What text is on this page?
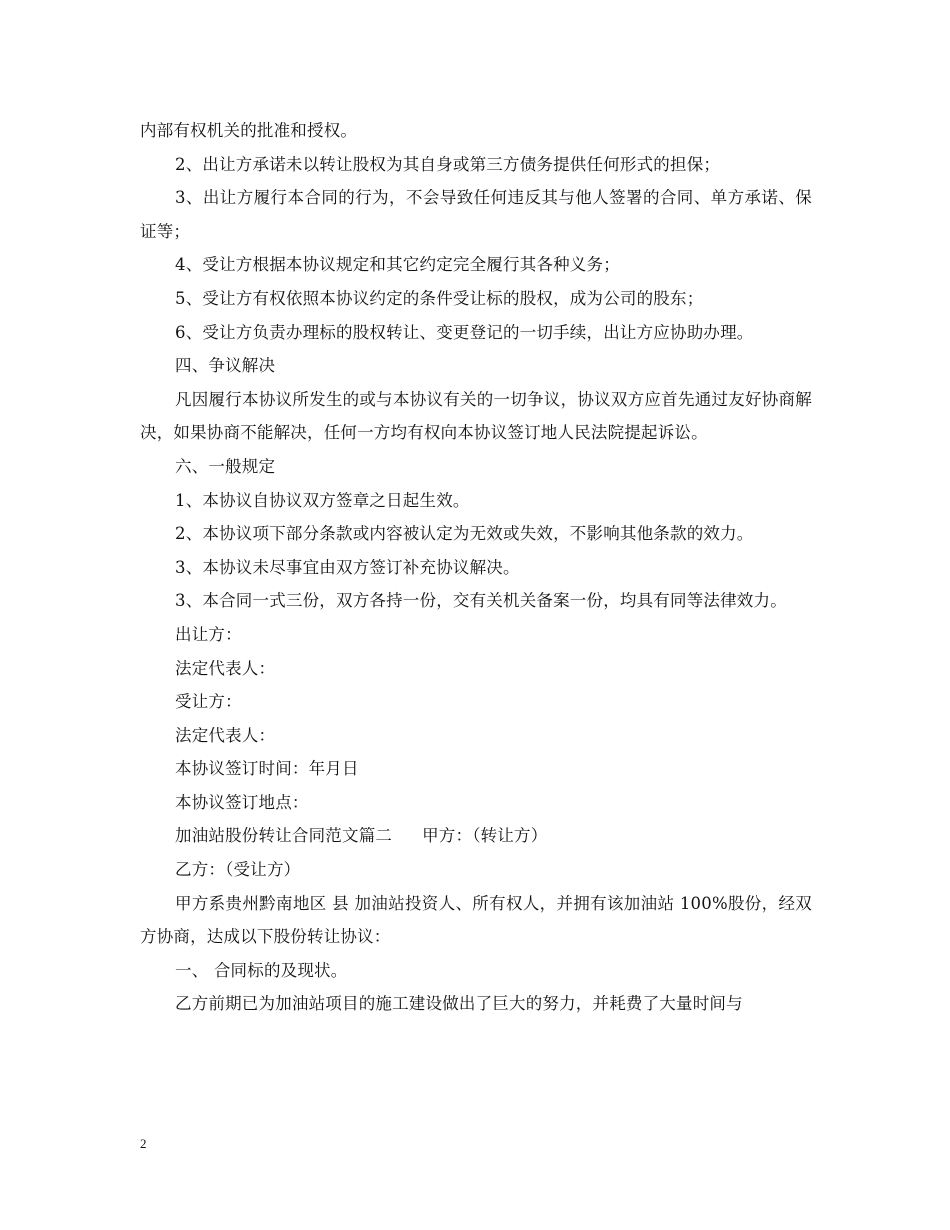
内部有权机关的批准和授权。

2、出让方承诺未以转让股权为其自身或第三方债务提供任何形式的担保；

3、出让方履行本合同的行为，不会导致任何违反其与他人签署的合同、单方承诺、保证等；

4、受让方根据本协议规定和其它约定完全履行其各种义务；

5、受让方有权依照本协议约定的条件受让标的股权，成为公司的股东；

6、受让方负责办理标的股权转让、变更登记的一切手续，出让方应协助办理。

四、争议解决

凡因履行本协议所发生的或与本协议有关的一切争议，协议双方应首先通过友好协商解决，如果协商不能解决，任何一方均有权向本协议签订地人民法院提起诉讼。

六、一般规定

1、本协议自协议双方签章之日起生效。

2、本协议项下部分条款或内容被认定为无效或失效，不影响其他条款的效力。

3、本协议未尽事宜由双方签订补充协议解决。

3、本合同一式三份，双方各持一份，交有关机关备案一份，均具有同等法律效力。

出让方：

法定代表人：

受让方：

法定代表人：

本协议签订时间：年月日

本协议签订地点：

加油站股份转让合同范文篇二 甲方：（转让方）

乙方：（受让方）

甲方系贵州黔南地区 县 加油站投资人、所有权人，并拥有该加油站 100%股份，经双方协商，达成以下股份转让协议：

一、 合同标的及现状。

乙方前期已为加油站项目的施工建设做出了巨大的努力，并耗费了大量时间与

2
